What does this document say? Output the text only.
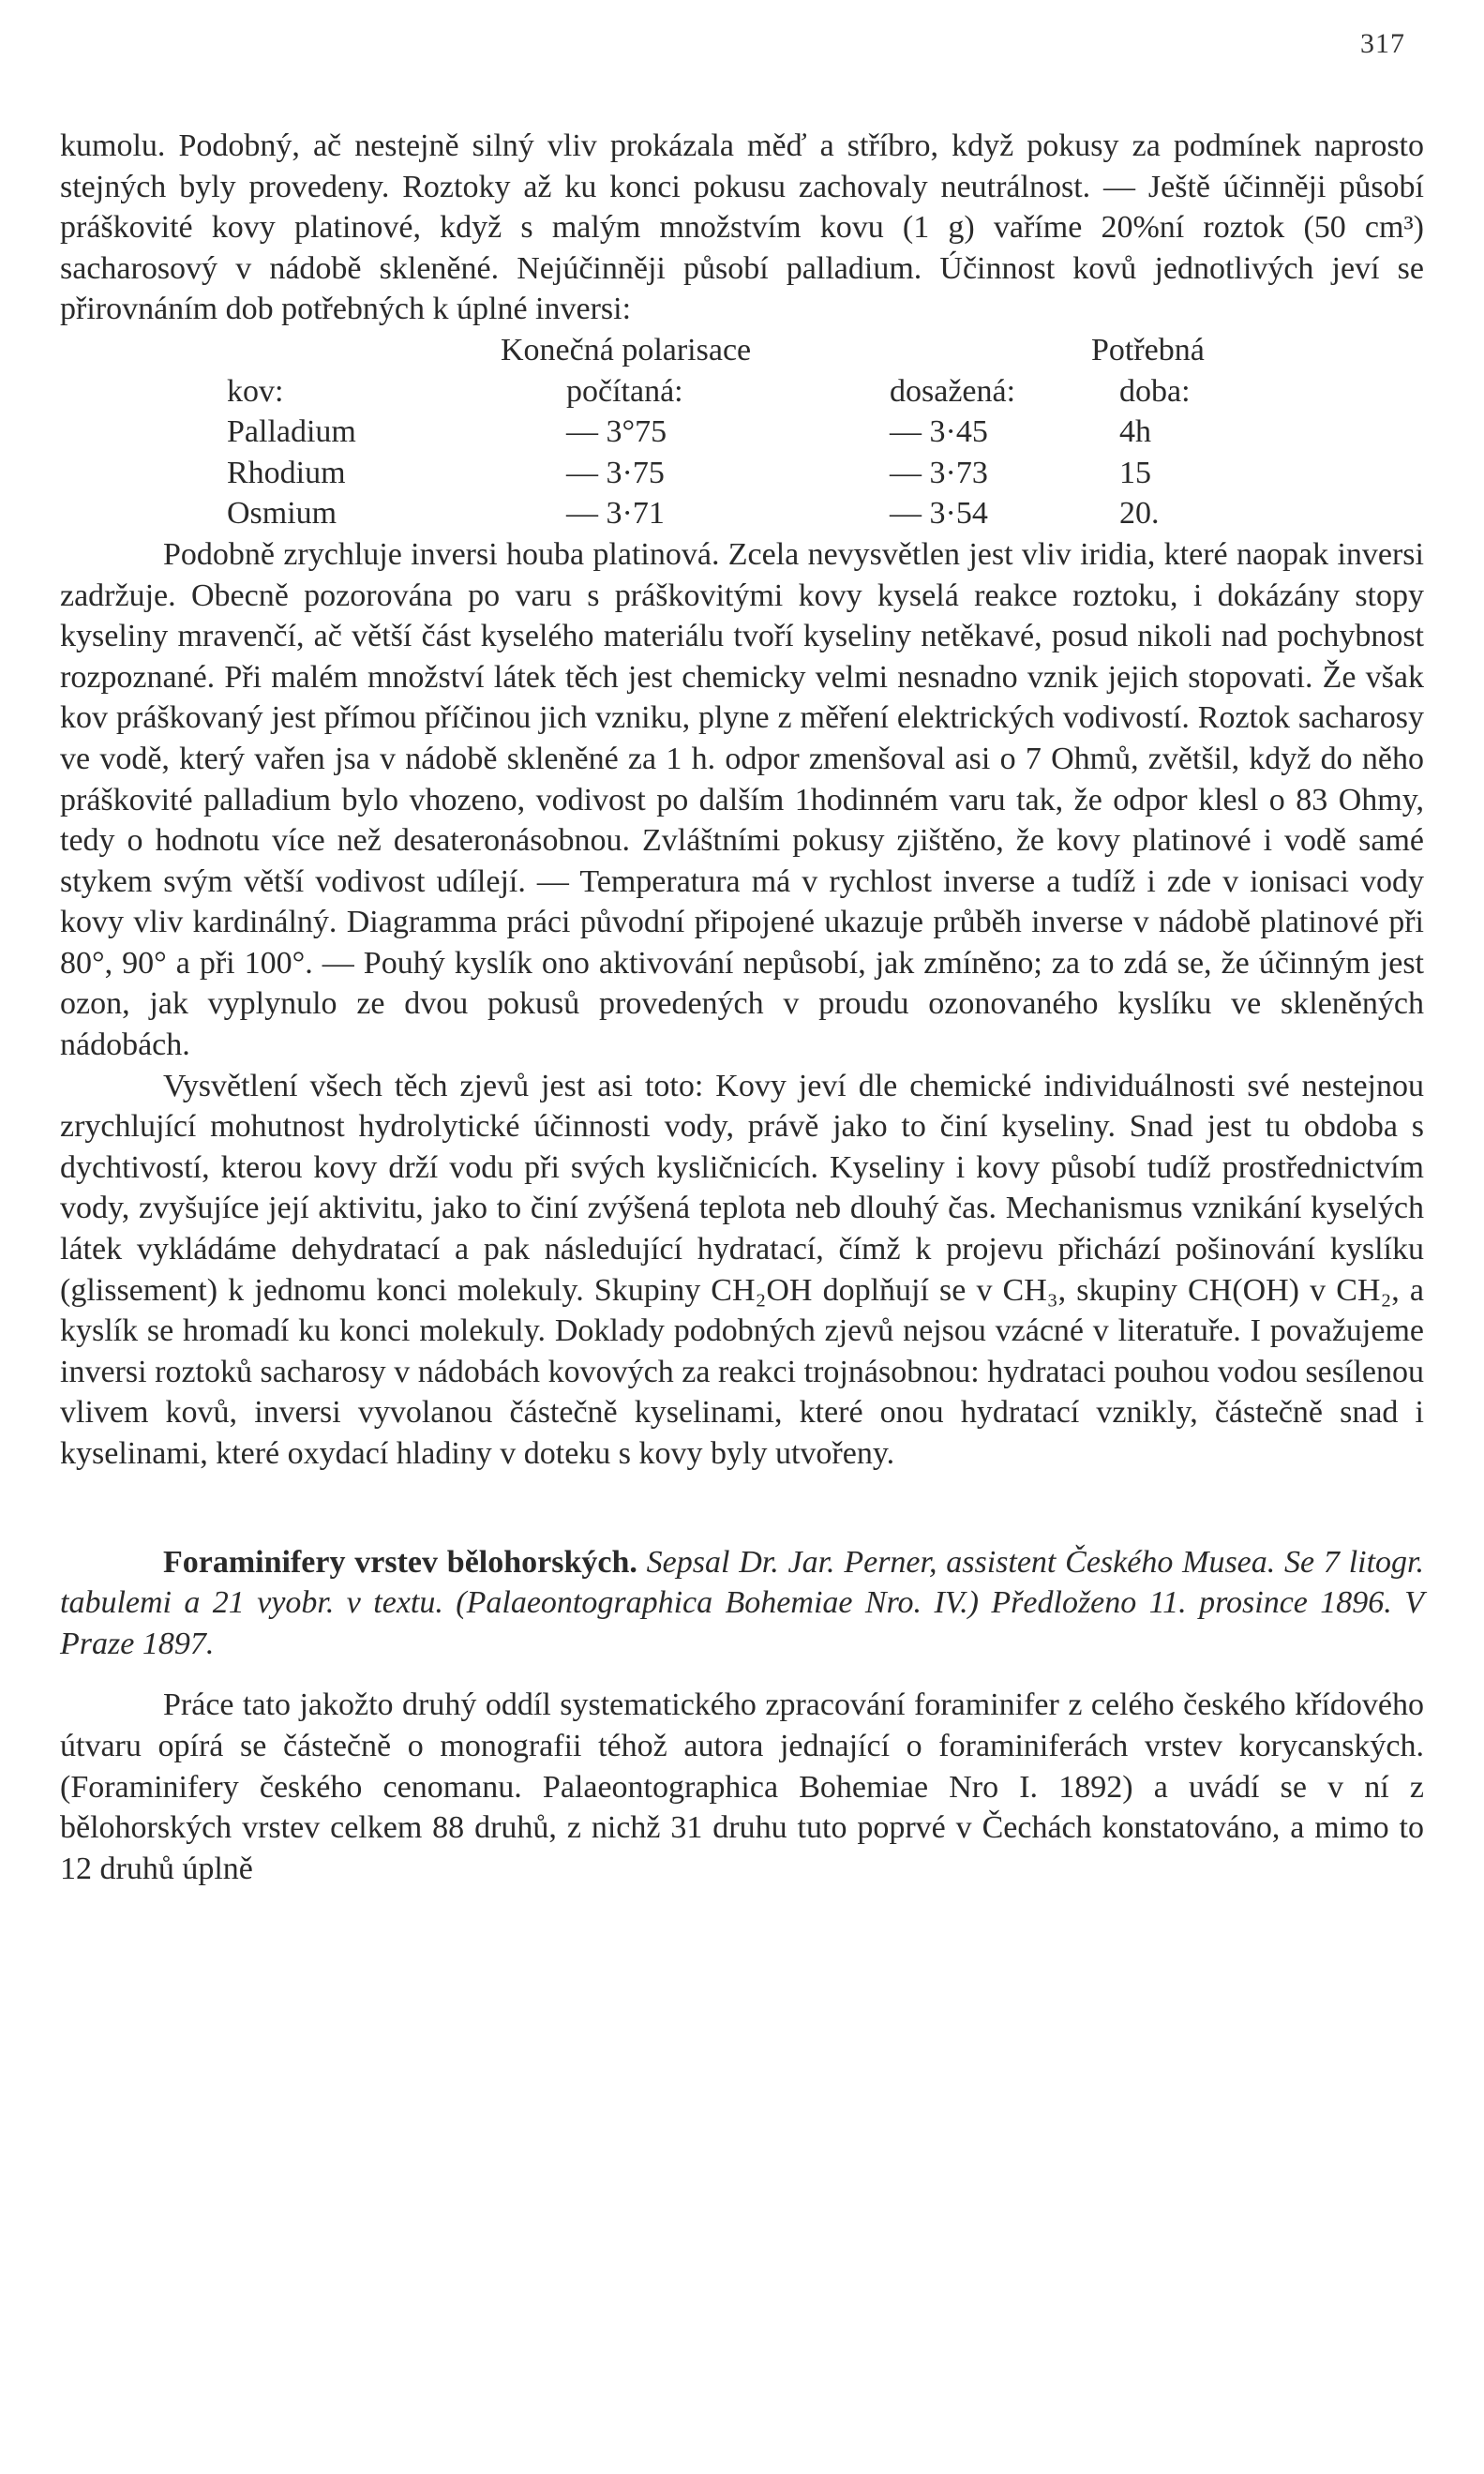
317

kumolu. Podobný, ač nestejně silný vliv prokázala měď a stříbro, když pokusy za podmínek naprosto stejných byly provedeny. Roztoky až ku konci pokusu zachovaly neutrálnost. — Ještě účinněji působí práškovité kovy platinové, když s malým množstvím kovu (1 g) vaříme 20%ní roztok (50 cm³) sacharosový v nádobě skleněné. Nejúčinněji působí palladium. Účinnost kovů jednotlivých jeví se přirovnáním dob potřebných k úplné inversi:

Konečná polarisace	Potřebná
kov:	počítaná:	dosažená:	doba:
Palladium	— 3°75	— 3·45	4h
Rhodium	— 3·75	— 3·73	15
Osmium	— 3·71	— 3·54	20.

Podobně zrychluje inversi houba platinová. Zcela nevysvětlen jest vliv iridia, které naopak inversi zadržuje. Obecně pozorována po varu s práškovitými kovy kyselá reakce roztoku, i dokázány stopy kyseliny mravenčí, ač větší část kyselého materiálu tvoří kyseliny netěkavé, posud nikoli nad pochybnost rozpoznané. Při malém množství látek těch jest chemicky velmi nesnadno vznik jejich stopovati. Že však kov práškovaný jest přímou příčinou jich vzniku, plyne z měření elektrických vodivostí. Roztok sacharosy ve vodě, který vařen jsa v nádobě skleněné za 1 h. odpor zmenšoval asi o 7 Ohmů, zvětšil, když do něho práškovité palladium bylo vhozeno, vodivost po dalším 1hodinném varu tak, že odpor klesl o 83 Ohmy, tedy o hodnotu více než desateronásobnou. Zvláštními pokusy zjištěno, že kovy platinové i vodě samé stykem svým větší vodivost udílejí. — Temperatura má v rychlost inverse a tudíž i zde v ionisaci vody kovy vliv kardinálný. Diagramma práci původní připojené ukazuje průběh inverse v nádobě platinové při 80°, 90° a při 100°. — Pouhý kyslík ono aktivování nepůsobí, jak zmíněno; za to zdá se, že účinným jest ozon, jak vyplynulo ze dvou pokusů provedených v proudu ozonovaného kyslíku ve skleněných nádobách.

Vysvětlení všech těch zjevů jest asi toto: Kovy jeví dle chemické individuálnosti své nestejnou zrychlující mohutnost hydrolytické účinnosti vody, právě jako to činí kyseliny. Snad jest tu obdoba s dychtivostí, kterou kovy drží vodu při svých kysličnicích. Kyseliny i kovy působí tudíž prostřednictvím vody, zvyšujíce její aktivitu, jako to činí zvýšená teplota neb dlouhý čas. Mechanismus vznikání kyselých látek vykládáme dehydratací a pak následující hydratací, čímž k projevu přichází pošinování kyslíku (glissement) k jednomu konci molekuly. Skupiny CH₂OH doplňují se v CH₃, skupiny CH(OH) v CH₂, a kyslík se hromadí ku konci molekuly. Doklady podobných zjevů nejsou vzácné v literatuře. I považujeme inversi roztoků sacharosy v nádobách kovových za reakci trojnásobnou: hydrataci pouhou vodou sesílenou vlivem kovů, inversi vyvolanou částečně kyselinami, které onou hydratací vznikly, částečně snad i kyselinami, které oxydací hladiny v doteku s kovy byly utvořeny.

Foraminifery vrstev bělohorských. Sepsal Dr. Jar. Perner, assistent Českého Musea. Se 7 litogr. tabulemi a 21 vyobr. v textu. (Palaeontographica Bohemiae Nro. IV.) Předloženo 11. prosince 1896. V Praze 1897.

Práce tato jakožto druhý oddíl systematického zpracování foraminifer z celého českého křídového útvaru opírá se částečně o monografii téhož autora jednající o foraminiferách vrstev korycanských. (Foraminifery českého cenomanu. Palaeontographica Bohemiae Nro I. 1892) a uvádí se v ní z bělohorských vrstev celkem 88 druhů, z nichž 31 druhu tuto poprvé v Čechách konstatováno, a mimo to 12 druhů úplně
